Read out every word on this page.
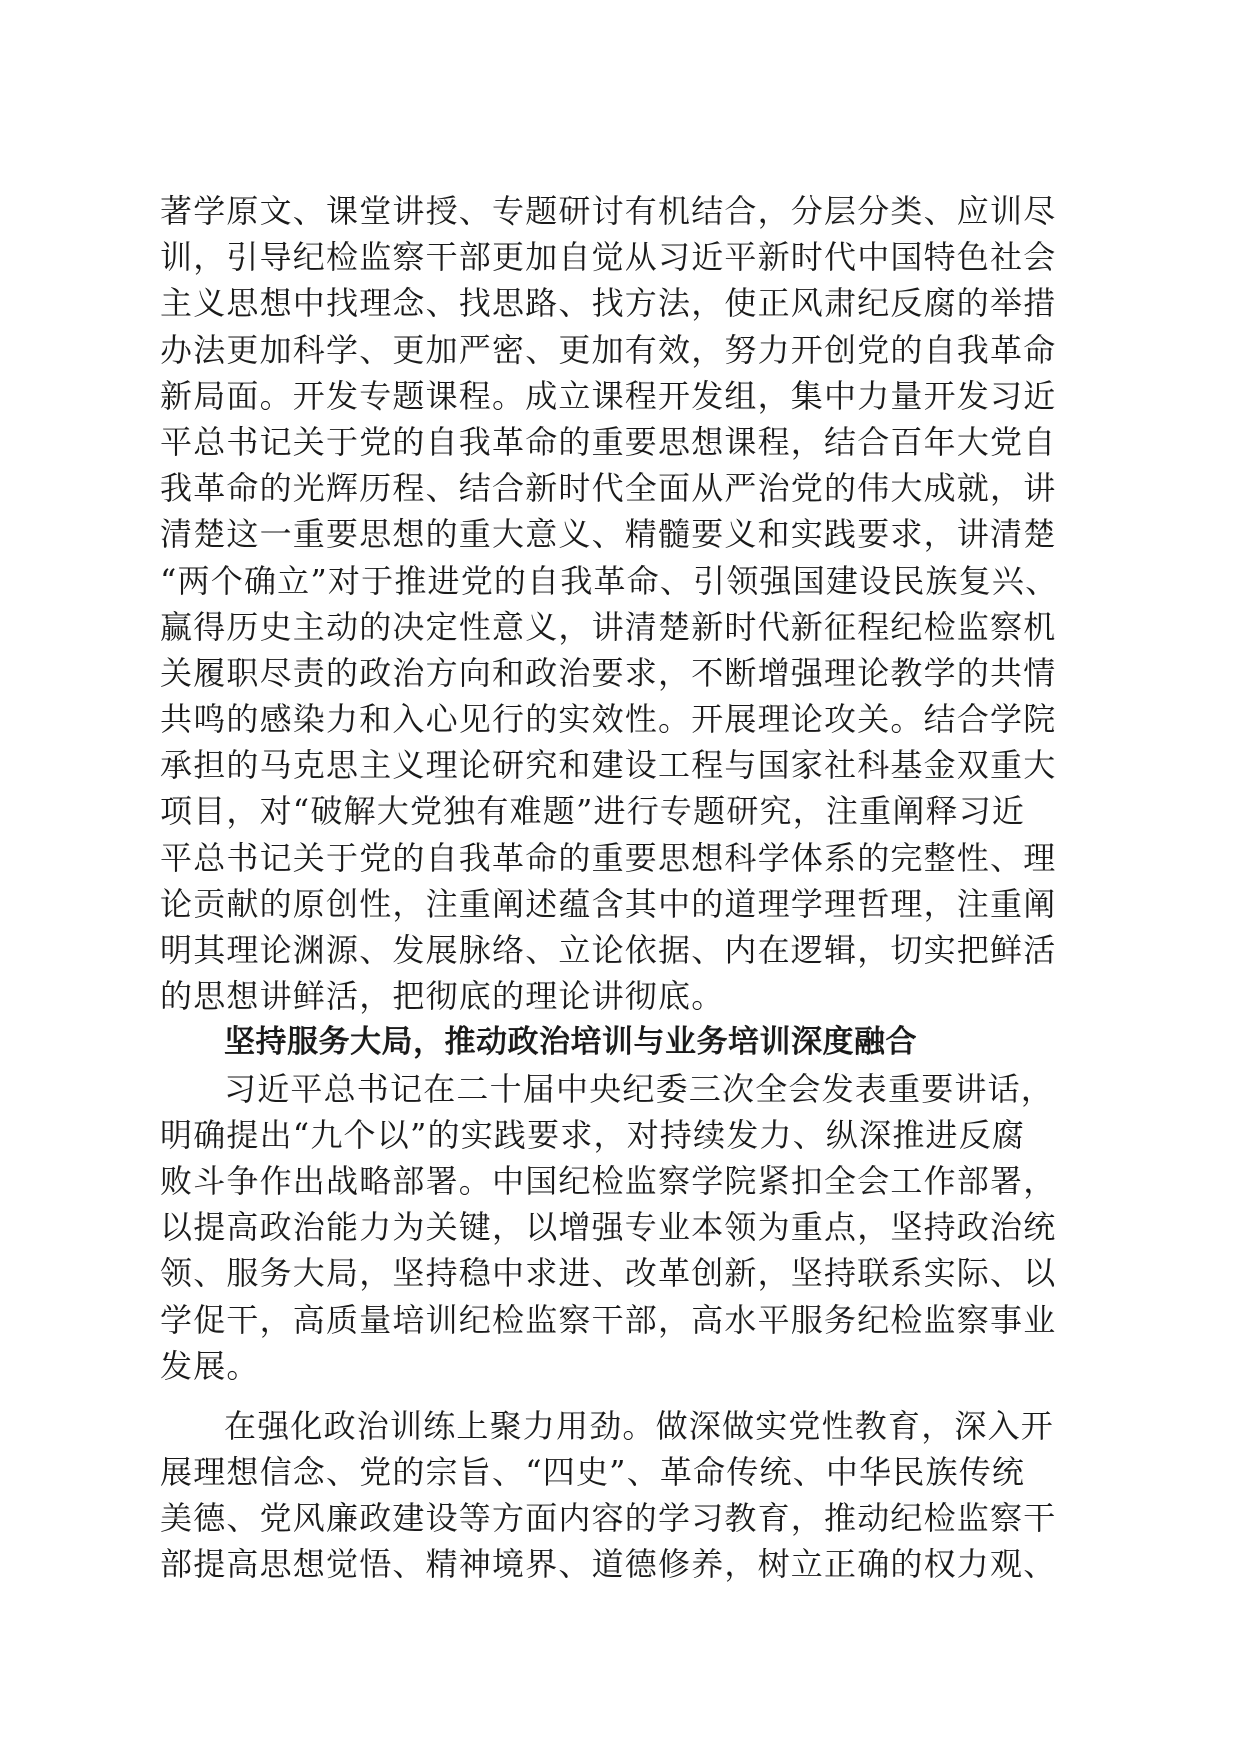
著学原文、课堂讲授、专题研讨有机结合，分层分类、应训尽
训，引导纪检监察干部更加自觉从习近平新时代中国特色社会
主义思想中找理念、找思路、找方法，使正风肃纪反腐的举措
办法更加科学、更加严密、更加有效，努力开创党的自我革命
新局面。开发专题课程。成立课程开发组，集中力量开发习近
平总书记关于党的自我革命的重要思想课程，结合百年大党自
我革命的光辉历程、结合新时代全面从严治党的伟大成就，讲
清楚这一重要思想的重大意义、精髓要义和实践要求，讲清楚
“两个确立”对于推进党的自我革命、引领强国建设民族复兴、
赢得历史主动的决定性意义，讲清楚新时代新征程纪检监察机
关履职尽责的政治方向和政治要求，不断增强理论教学的共情
共鸣的感染力和入心见行的实效性。开展理论攻关。结合学院
承担的马克思主义理论研究和建设工程与国家社科基金双重大
项目，对“破解大党独有难题”进行专题研究，注重阐释习近
平总书记关于党的自我革命的重要思想科学体系的完整性、理
论贡献的原创性，注重阐述蕴含其中的道理学理哲理，注重阐
明其理论渊源、发展脉络、立论依据、内在逻辑，切实把鲜活
的思想讲鲜活，把彻底的理论讲彻底。
坚持服务大局，推动政治培训与业务培训深度融合
习近平总书记在二十届中央纪委三次全会发表重要讲话，
明确提出“九个以”的实践要求，对持续发力、纵深推进反腐
败斗争作出战略部署。中国纪检监察学院紧扣全会工作部署，
以提高政治能力为关键，以增强专业本领为重点，坚持政治统
领、服务大局，坚持稳中求进、改革创新，坚持联系实际、以
学促干，高质量培训纪检监察干部，高水平服务纪检监察事业
发展。
在强化政治训练上聚力用劲。做深做实党性教育，深入开
展理想信念、党的宗旨、“四史”、革命传统、中华民族传统
美德、党风廉政建设等方面内容的学习教育，推动纪检监察干
部提高思想觉悟、精神境界、道德修养，树立正确的权力观、
